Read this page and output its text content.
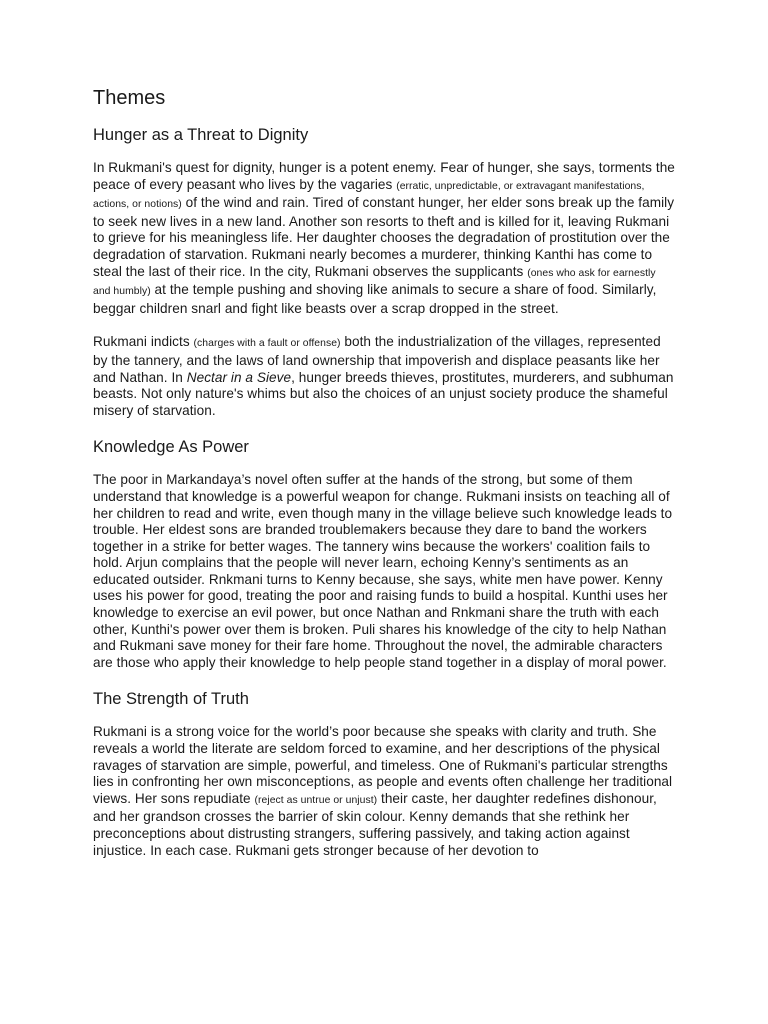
Themes
Hunger as a Threat to Dignity

In Rukmani's quest for dignity, hunger is a potent enemy. Fear of hunger, she says, torments the peace of every peasant who lives by the vagaries (erratic, unpredictable, or extravagant manifestations, actions, or notions) of the wind and rain. Tired of constant hunger, her elder sons break up the family to seek new lives in a new land. Another son resorts to theft and is killed for it, leaving Rukmani to grieve for his meaningless life. Her daughter chooses the degradation of prostitution over the degradation of starvation. Rukmani nearly becomes a murderer, thinking Kanthi has come to steal the last of their rice. In the city, Rukmani observes the supplicants (ones who ask for earnestly and humbly) at the temple pushing and shoving like animals to secure a share of food. Similarly, beggar children snarl and fight like beasts over a scrap dropped in the street.

Rukmani indicts (charges with a fault or offense) both the industrialization of the villages, represented by the tannery, and the laws of land ownership that impoverish and displace peasants like her and Nathan. In Nectar in a Sieve, hunger breeds thieves, prostitutes, murderers, and subhuman beasts. Not only nature's whims but also the choices of an unjust society produce the shameful misery of starvation.

Knowledge As Power

The poor in Markandaya’s novel often suffer at the hands of the strong, but some of them understand that knowledge is a powerful weapon for change. Rukmani insists on teaching all of her children to read and write, even though many in the village believe such knowledge leads to trouble. Her eldest sons are branded troublemakers because they dare to band the workers together in a strike for better wages. The tannery wins because the workers' coalition fails to hold. Arjun complains that the people will never learn, echoing Kenny’s sentiments as an educated outsider. Rnkmani turns to Kenny because, she says, white men have power. Kenny uses his power for good, treating the poor and raising funds to build a hospital. Kunthi uses her knowledge to exercise an evil power, but once Nathan and Rnkmani share the truth with each other, Kunthi's power over them is broken. Puli shares his knowledge of the city to help Nathan and Rukmani save money for their fare home. Throughout the novel, the admirable characters are those who apply their knowledge to help people stand together in a display of moral power.

The Strength of Truth

Rukmani is a strong voice for the world’s poor because she speaks with clarity and truth. She reveals a world the literate are seldom forced to examine, and her descriptions of the physical ravages of starvation are simple, powerful, and timeless. One of Rukmani's particular strengths lies in confronting her own misconceptions, as people and events often challenge her traditional views. Her sons repudiate (reject as untrue or unjust) their caste, her daughter redefines dishonour, and her grandson crosses the barrier of skin colour. Kenny demands that she rethink her preconceptions about distrusting strangers, suffering passively, and taking action against injustice. In each case. Rukmani gets stronger because of her devotion to
